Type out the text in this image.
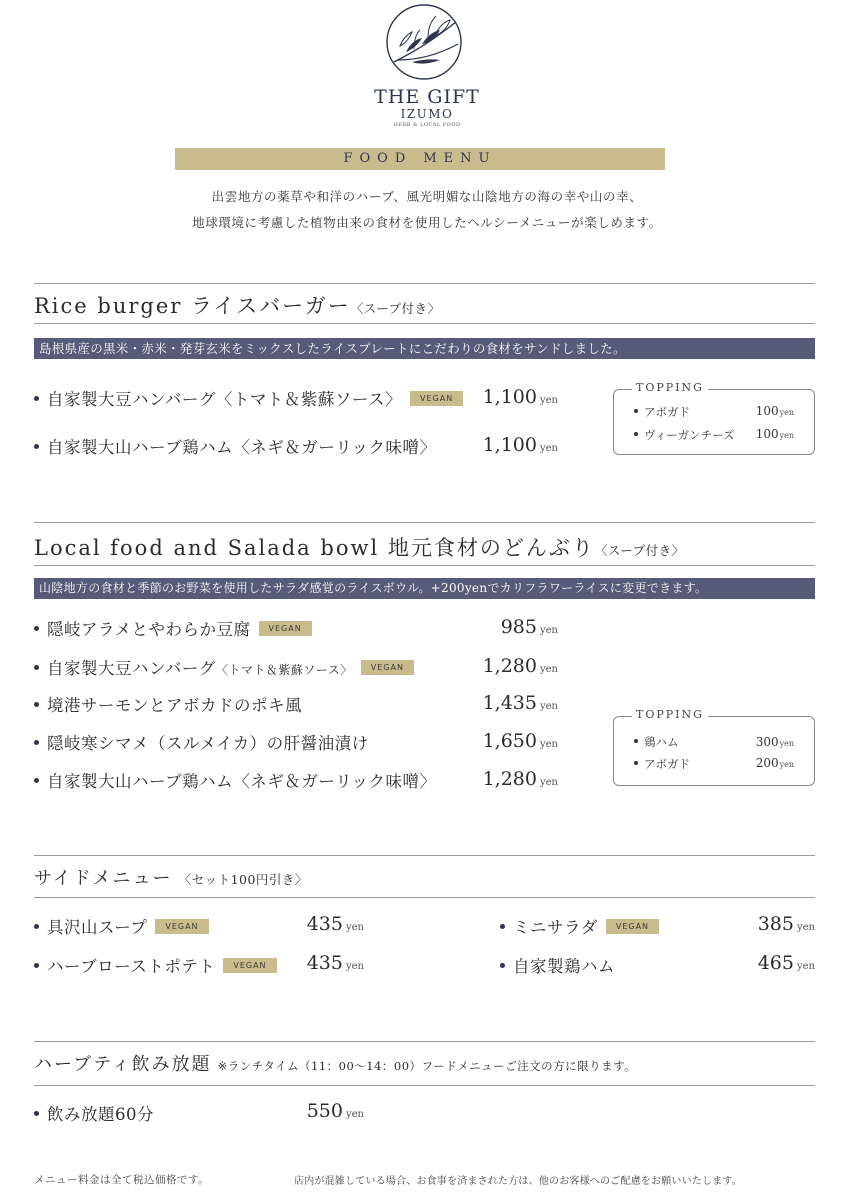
THE GIFT
IZUMO
HERB & LOCAL FOOD
FOOD MENU
出雲地方の薬草や和洋のハーブ、風光明媚な山陰地方の海の幸や山の幸、
地球環境に考慮した植物由来の食材を使用したヘルシーメニューが楽しめます。
Rice burger ライスバーガー〈スープ付き〉
島根県産の黒米・赤米・発芽玄米をミックスしたライスプレートにこだわりの食材をサンドしました。
自家製大豆ハンバーグ〈トマト＆紫蘇ソース〉 VEGAN	1,100 yen
自家製大山ハーブ鶏ハム〈ネギ＆ガーリック味噌〉	1,100 yen
TOPPING
アボガド	100yen
ヴィーガンチーズ	100yen
Local food and Salada bowl 地元食材のどんぶり〈スープ付き〉
山陰地方の食材と季節のお野菜を使用したサラダ感覚のライスボウル。+200yenでカリフラワーライスに変更できます。
隠岐アラメとやわらか豆腐 VEGAN	985 yen
自家製大豆ハンバーグ〈トマト＆紫蘇ソース〉 VEGAN	1,280 yen
境港サーモンとアボカドのポキ風	1,435 yen
隠岐寒シマメ（スルメイカ）の肝醤油漬け	1,650 yen
自家製大山ハーブ鶏ハム〈ネギ＆ガーリック味噌〉	1,280 yen
TOPPING
鶏ハム	300yen
アボガド	200yen
サイドメニュー 〈セット100円引き〉
具沢山スープ VEGAN	435 yen
ハーブローストポテト VEGAN	435 yen
ミニサラダ VEGAN	385 yen
自家製鶏ハム	465 yen
ハーブティ飲み放題 ※ランチタイム（11：00～14：00）フードメニューご注文の方に限ります。
飲み放題60分	550 yen
メニュー料金は全て税込価格です。	店内が混雑している場合、お食事を済まされた方は、他のお客様へのご配慮をお願いいたします。
